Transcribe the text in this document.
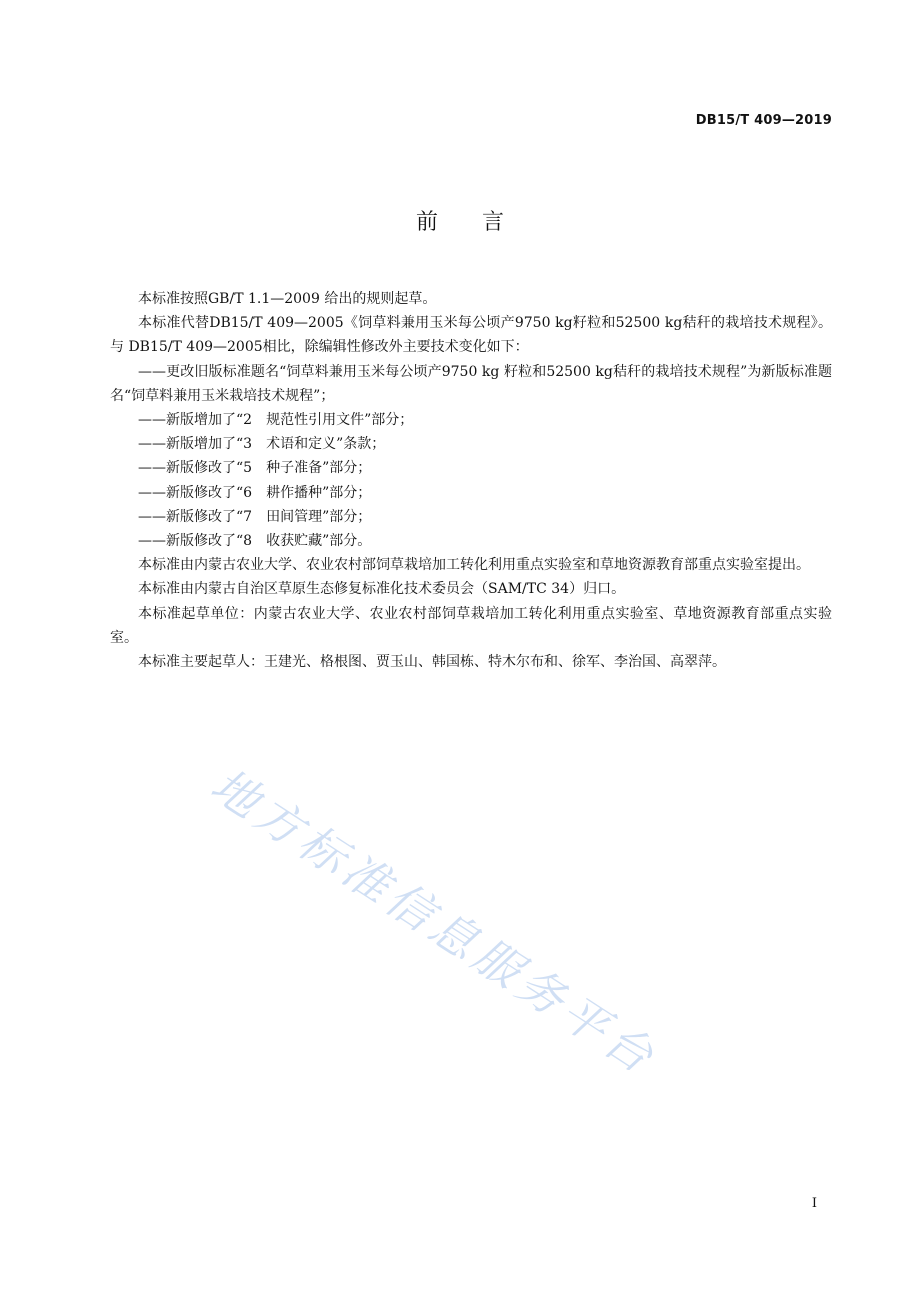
DB15/T 409—2019
前言

本标准按照GB/T 1.1—2009 给出的规则起草。

本标准代替DB15/T 409—2005《饲草料兼用玉米每公顷产9750 kg籽粒和52500 kg秸秆的栽培技术规程》。与 DB15/T 409—2005相比，除编辑性修改外主要技术变化如下：

——更改旧版标准题名“饲草料兼用玉米每公顷产9750 kg 籽粒和52500 kg秸秆的栽培技术规程”为新版标准题名“饲草料兼用玉米栽培技术规程”；

——新版增加了“2　规范性引用文件”部分；

——新版增加了“3　术语和定义”条款；

——新版修改了“5　种子准备”部分；

——新版修改了“6　耕作播种”部分；

——新版修改了“7　田间管理”部分；

——新版修改了“8　收获贮藏”部分。

本标准由内蒙古农业大学、农业农村部饲草栽培加工转化利用重点实验室和草地资源教育部重点实验室提出。

本标准由内蒙古自治区草原生态修复标准化技术委员会（SAM/TC 34）归口。

本标准起草单位：内蒙古农业大学、农业农村部饲草栽培加工转化利用重点实验室、草地资源教育部重点实验室。

本标准主要起草人：王建光、格根图、贾玉山、韩国栋、特木尔布和、徐军、李治国、高翠萍。

地方标准信息服务平台
I
